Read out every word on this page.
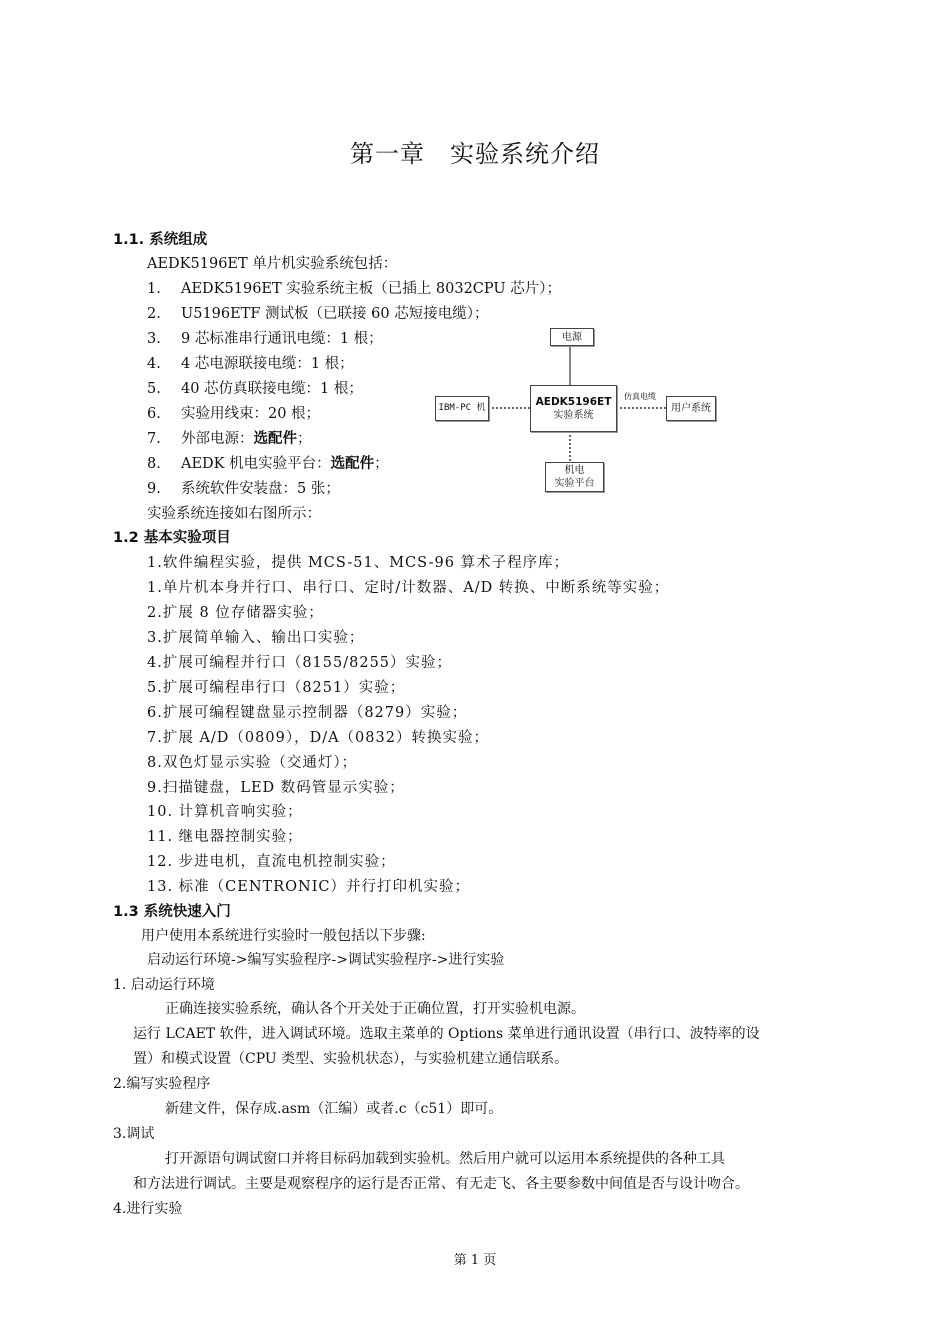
第一章　实验系统介绍
1.1. 系统组成
AEDK5196ET 单片机实验系统包括：
1. AEDK5196ET 实验系统主板（已插上 8032CPU 芯片）；
2. U5196ETF 测试板（已联接 60 芯短接电缆）；
3. 9 芯标准串行通讯电缆：1 根；
4. 4 芯电源联接电缆：1 根；
5. 40 芯仿真联接电缆：1 根；
6. 实验用线束：20 根；
7. 外部电源：选配件；
8. AEDK 机电实验平台：选配件；
9. 系统软件安装盘：5 张；
实验系统连接如右图所示：
电源
AEDK5196ET
实验系统
IBM-PC 机	用户系统
仿真电缆
机电
实验平台
1.2 基本实验项目
1.软件编程实验，提供 MCS-51、MCS-96 算术子程序库；
1.单片机本身并行口、串行口、定时/计数器、A/D 转换、中断系统等实验；
2.扩展 8 位存储器实验；
3.扩展简单输入、输出口实验；
4.扩展可编程并行口（8155/8255）实验；
5.扩展可编程串行口（8251）实验；
6.扩展可编程键盘显示控制器（8279）实验；
7.扩展 A/D（0809），D/A（0832）转换实验；
8.双色灯显示实验（交通灯）；
9.扫描键盘，LED 数码管显示实验；
10. 计算机音响实验；
11. 继电器控制实验；
12. 步进电机，直流电机控制实验；
13. 标准（CENTRONIC）并行打印机实验；
1.3 系统快速入门
用户使用本系统进行实验时一般包括以下步骤:
启动运行环境->编写实验程序->调试实验程序->进行实验
1. 启动运行环境
正确连接实验系统，确认各个开关处于正确位置，打开实验机电源。
运行 LCAET 软件，进入调试环境。选取主菜单的 Options 菜单进行通讯设置（串行口、波特率的设
置）和模式设置（CPU 类型、实验机状态），与实验机建立通信联系。
2.编写实验程序
新建文件，保存成.asm（汇编）或者.c（c51）即可。
3.调试
打开源语句调试窗口并将目标码加载到实验机。然后用户就可以运用本系统提供的各种工具
和方法进行调试。主要是观察程序的运行是否正常、有无走飞、各主要参数中间值是否与设计吻合。
4.进行实验
第 1 页
